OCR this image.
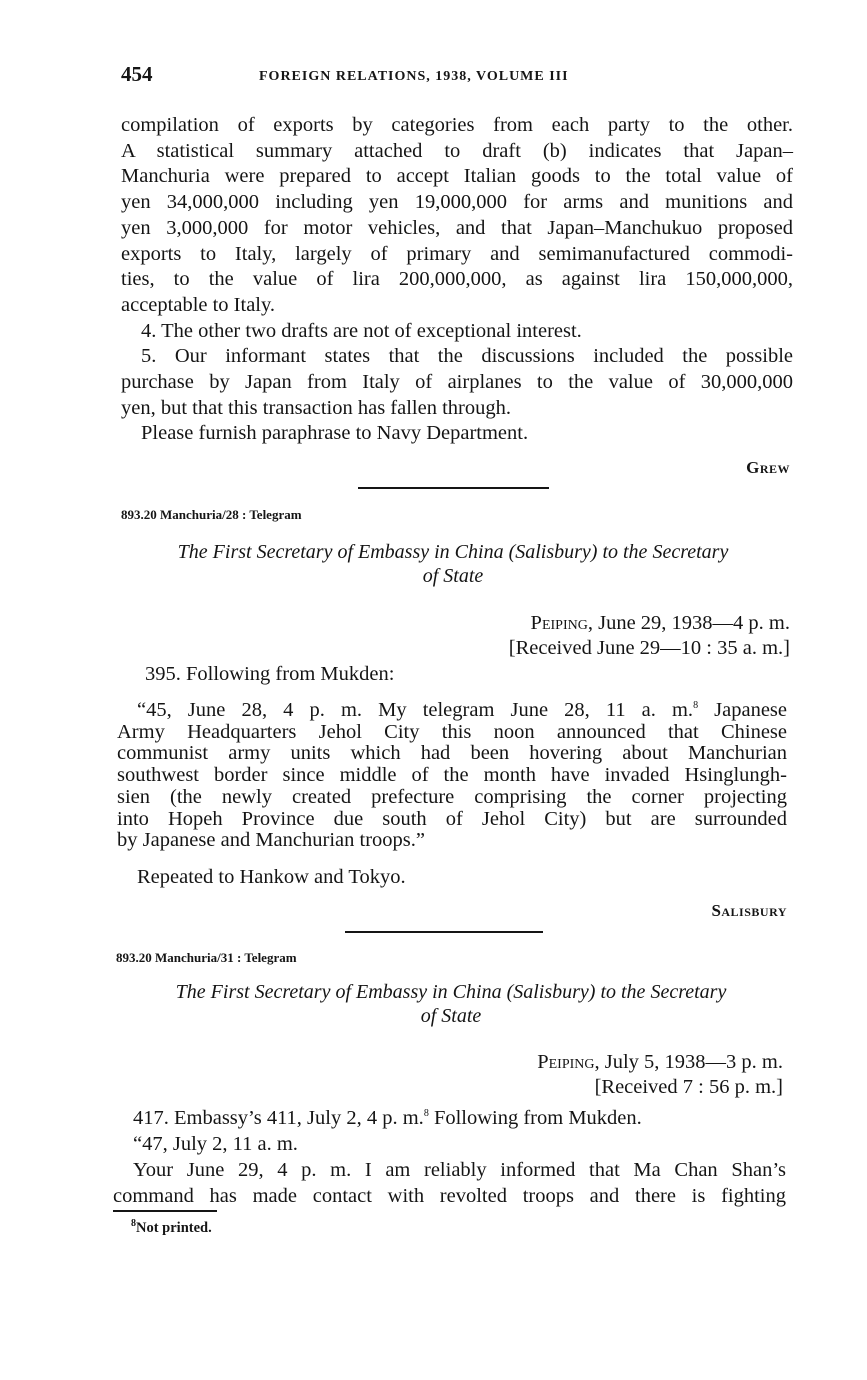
454	FOREIGN RELATIONS, 1938, VOLUME III

compilation of exports by categories from each party to the other.

A statistical summary attached to draft (b) indicates that Japan–

Manchuria were prepared to accept Italian goods to the total value of

yen 34,000,000 including yen 19,000,000 for arms and munitions and

yen 3,000,000 for motor vehicles, and that Japan–Manchukuo proposed

exports to Italy, largely of primary and semimanufactured commodi-

ties, to the value of lira 200,000,000, as against lira 150,000,000,

acceptable to Italy.

4. The other two drafts are not of exceptional interest.

5. Our informant states that the discussions included the possible

purchase by Japan from Italy of airplanes to the value of 30,000,000

yen, but that this transaction has fallen through.

Please furnish paraphrase to Navy Department.

Grew
893.20 Manchuria/28 : Telegram
The First Secretary of Embassy in China (Salisbury) to the Secretary
of State
Peiping, June 29, 1938—4 p. m.
[Received June 29—10 : 35 a. m.]

395. Following from Mukden:

“45, June 28, 4 p. m. My telegram June 28, 11 a. m.$^8$ Japanese

Army Headquarters Jehol City this noon announced that Chinese

communist army units which had been hovering about Manchurian

southwest border since middle of the month have invaded Hsinglungh-

sien (the newly created prefecture comprising the corner projecting

into Hopeh Province due south of Jehol City) but are surrounded

by Japanese and Manchurian troops.”

Repeated to Hankow and Tokyo.

Salisbury
893.20 Manchuria/31 : Telegram
The First Secretary of Embassy in China (Salisbury) to the Secretary
of State
Peiping, July 5, 1938—3 p. m.
[Received 7 : 56 p. m.]

417. Embassy’s 411, July 2, 4 p. m.$^8$ Following from Mukden.

“47, July 2, 11 a. m.

Your June 29, 4 p. m. I am reliably informed that Ma Chan Shan’s

command has made contact with revolted troops and there is fighting

$^8$Not printed.
